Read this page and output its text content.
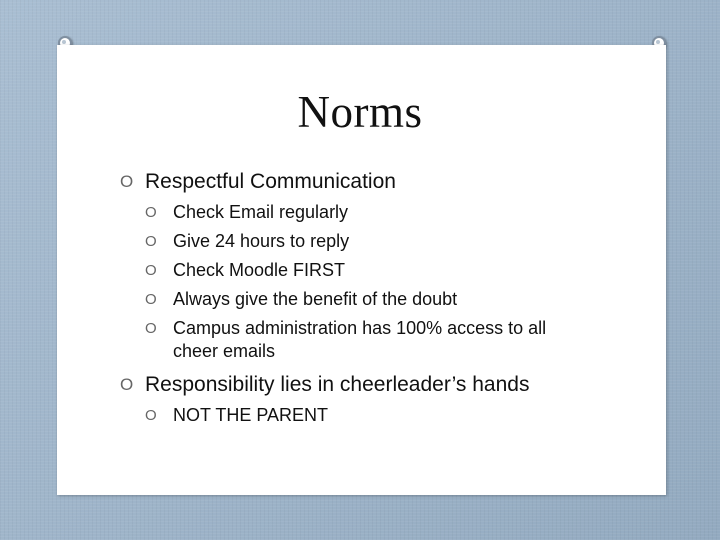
Norms
O Respectful Communication
O Check Email regularly
O Give 24 hours to reply
O Check Moodle FIRST
O Always give the benefit of the doubt
O Campus administration has 100% access to all cheer emails
O Responsibility lies in cheerleader’s hands
O NOT THE PARENT
